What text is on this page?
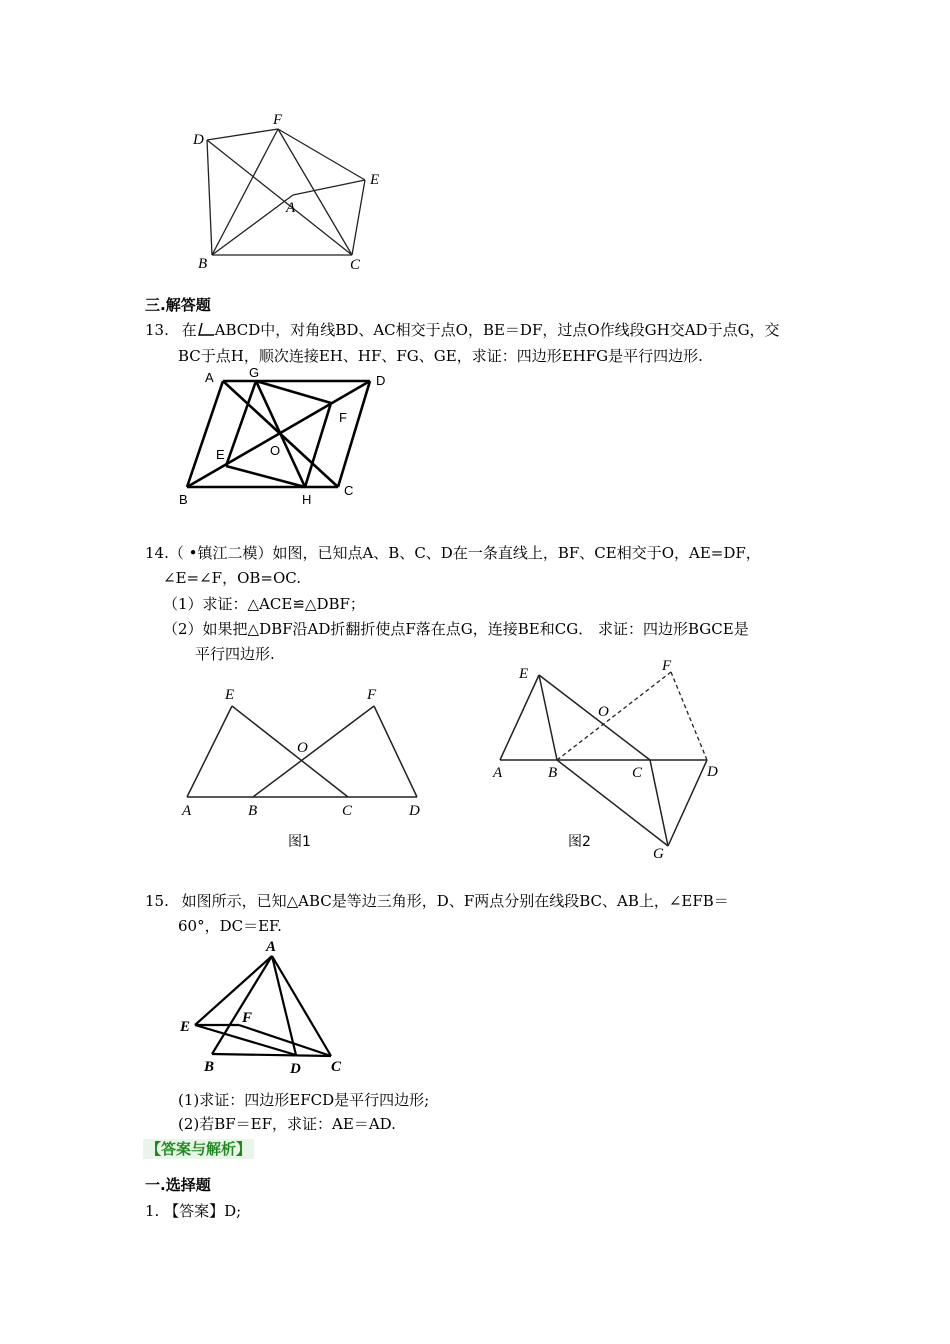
D
F
E
A
B	C
三.解答题
13. 在 ABCD中，对角线BD、AC相交于点O，BE＝DF，过点O作线段GH交AD于点G，交
BC于点H，顺次连接EH、HF、FG、GE，求证：四边形EHFG是平行四边形.
A	G
D
F
E	O
B	H
C
14.（ •镇江二模）如图，已知点A、B、C、D在一条直线上，BF、CE相交于O，AE=DF，
∠E=∠F，OB=OC.
（1）求证：△ACE≌△DBF；
（2）如果把△DBF沿AD折翻折使点F落在点G，连接BE和CG． 求证：四边形BGCE是
平行四边形.
E	F
O
A	B	C	D
图1
E	F
O
A	B	C	D
G
图2
15. 如图所示，已知△ABC是等边三角形，D、F两点分别在线段BC、AB上，∠EFB＝
60°，DC＝EF.
A
E
F
B	D C
(1)求证：四边形EFCD是平行四边形;
(2)若BF＝EF，求证：AE＝AD.
【答案与解析】
一.选择题
1. 【答案】D;
